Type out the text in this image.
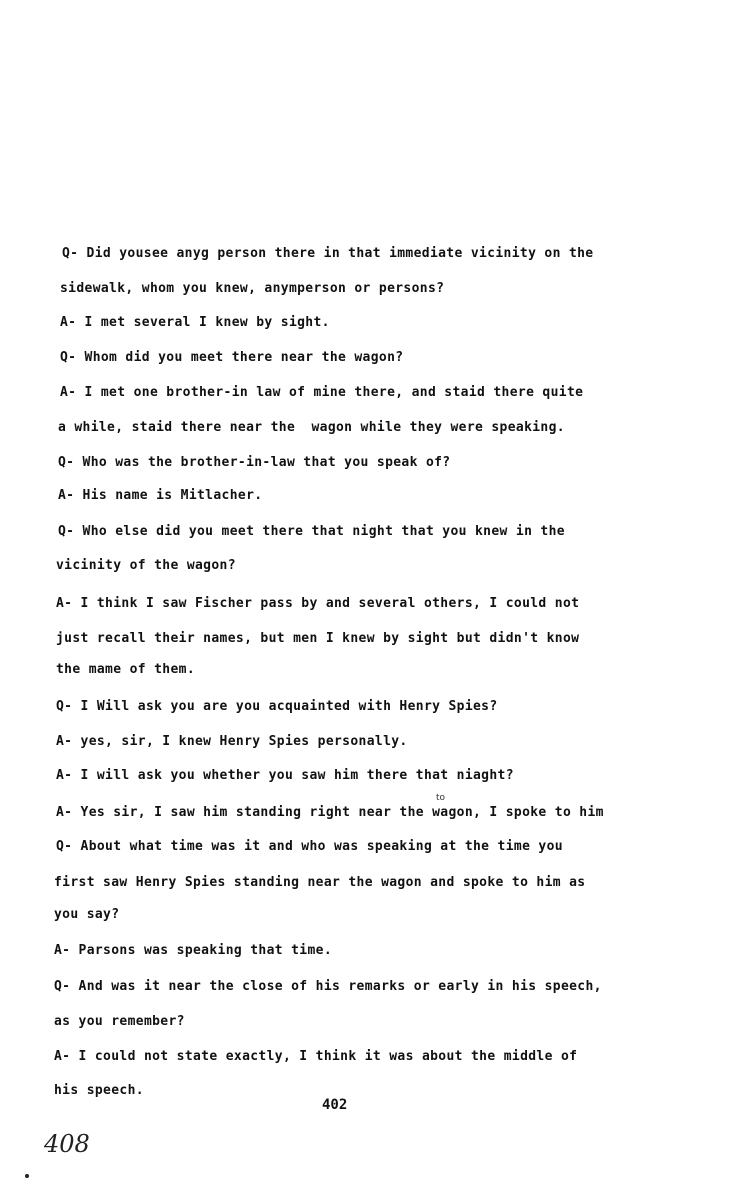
Q- Did yousee anyg person there in that immediate vicinity on the
sidewalk, whom you knew, anymperson or persons?
A- I met several I knew by sight.
Q- Whom did you meet there near the wagon?
A- I met one brother-in law of mine there, and staid there quite
a while, staid there near the  wagon while they were speaking.
Q- Who was the brother-in-law that you speak of?
A- His name is Mitlacher.
Q- Who else did you meet there that night that you knew in the
vicinity of the wagon?
A- I think I saw Fischer pass by and several others, I could not
just recall their names, but men I knew by sight but didn't know
the mame of them.
Q- I Will ask you are you acquainted with Henry Spies?
A- yes, sir, I knew Henry Spies personally.
A- I will ask you whether you saw him there that niaght?
A- Yes sir, I saw him standing right near the wagon, I spoke to him
Q- About what time was it and who was speaking at the time you
first saw Henry Spies standing near the wagon and spoke to him as
you say?
A- Parsons was speaking that time.
Q- And was it near the close of his remarks or early in his speech,
as you remember?
A- I could not state exactly, I think it was about the middle of
his speech.
to
402
408
